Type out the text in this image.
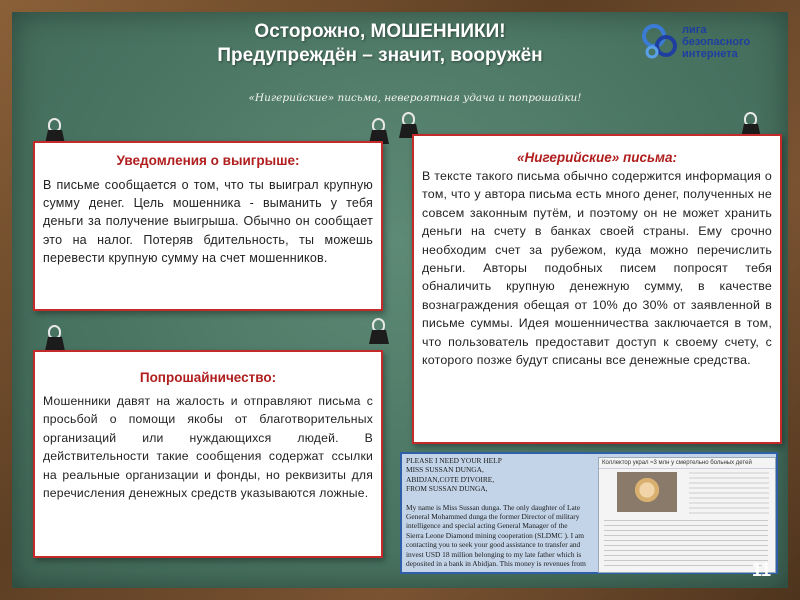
Осторожно, МОШЕННИКИ!
Предупреждён – значит, вооружён
лига
безопасного
интернета
«Нигерийские» письма, невероятная удача и попрошайки!
Уведомления о выигрыше:

В письме сообщается о том, что ты выиграл крупную сумму денег. Цель мошенника - выманить у тебя деньги за получение выигрыша. Обычно он сообщает это на налог. Потеряв бдительность, ты можешь перевести крупную сумму на счет мошенников.

Попрошайничество:

Мошенники давят на жалость и отправляют письма с просьбой о помощи якобы от благотворительных организаций или нуждающихся людей. В действительности такие сообщения содержат ссылки на реальные организации и фонды, но реквизиты для перечисления денежных средств указываются ложные.

«Нигерийские» письма:

В тексте такого письма обычно содержится информация о том, что у автора письма есть много денег, полученных не совсем законным путём, и поэтому он не может хранить деньги на счету в банках своей страны. Ему срочно необходим счет за рубежом, куда можно перечислить деньги. Авторы подобных писем попросят тебя обналичить крупную денежную сумму, в качестве вознаграждения обещая от 10% до 30% от заявленной в письме суммы. Идея мошенничества заключается в том, что пользователь предоставит доступ к своему счету, с которого позже будут списаны все денежные средства.

PLEASE I NEED YOUR HELP
MISS SUSSAN DUNGA,
ABIDJAN,COTE D'IVOIRE,
FROM SUSSAN DUNGA,
My name is Miss Sussan dunga. The only daughter of Late
General Mohammed dunga the former Director of military
intelligence and special acting General Manager of the
Sierra Leone Diamond mining cooperation (SLDMC ). I am
contacting you to seek your good assistance to transfer and
invest USD 18 million belonging to my late father which is
deposited in a bank in Abidjan. This money is revenues from
Коллектор украл ≈3 млн у смертельно больных детей
11
